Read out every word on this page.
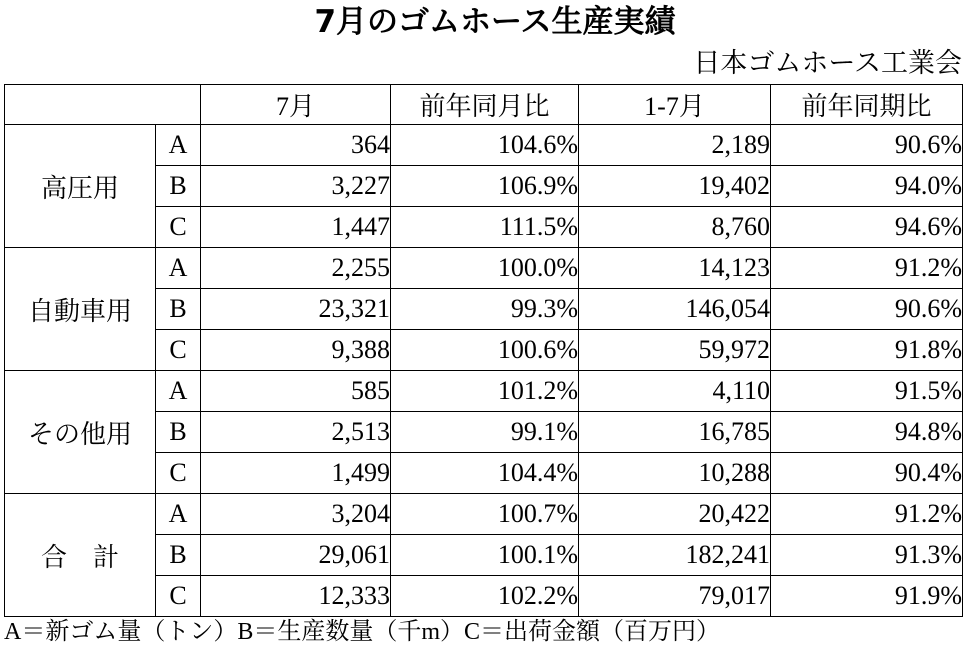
7月のゴムホース生産実績
日本ゴムホース工業会
		7月	前年同月比	1-7月	前年同期比
高圧用	A	364	104.6%	2,189	90.6%
	B	3,227	106.9%	19,402	94.0%
	C	1,447	111.5%	8,760	94.6%
自動車用	A	2,255	100.0%	14,123	91.2%
	B	23,321	99.3%	146,054	90.6%
	C	9,388	100.6%	59,972	91.8%
その他用	A	585	101.2%	4,110	91.5%
	B	2,513	99.1%	16,785	94.8%
	C	1,499	104.4%	10,288	90.4%
合　計	A	3,204	100.7%	20,422	91.2%
	B	29,061	100.1%	182,241	91.3%
	C	12,333	102.2%	79,017	91.9%
A＝新ゴム量（トン）B＝生産数量（千m）C＝出荷金額（百万円）
